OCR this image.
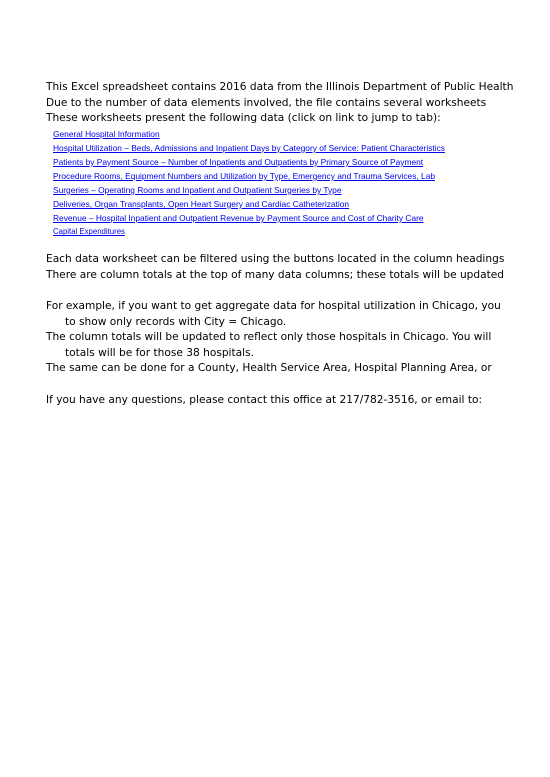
This Excel spreadsheet contains 2016 data from the Illinois Department of Public Health
Due to the number of data elements involved, the file contains several worksheets
These worksheets present the following data (click on link to jump to tab):
General Hospital Information
Hospital Utilization – Beds, Admissions and Inpatient Days by Category of Service: Patient Characteristics
Patients by Payment Source – Number of Inpatients and Outpatients by Primary Source of Payment
Procedure Rooms, Equipment Numbers and Utilization by Type, Emergency and Trauma Services, Lab
Surgeries – Operating Rooms and Inpatient and Outpatient Surgeries by Type
Deliveries, Organ Transplants, Open Heart Surgery and Cardiac Catheterization
Revenue – Hospital Inpatient and Outpatient Revenue by Payment Source and Cost of Charity Care
Capital Expenditures
Each data worksheet can be filtered using the buttons located in the column headings
There are column totals at the top of many data columns; these totals will be updated
For example, if you want to get aggregate data for hospital utilization in Chicago, you
to show only records with City = Chicago.
The column totals will be updated to reflect only those hospitals in Chicago. You will
totals will be for those 38 hospitals.
The same can be done for a County, Health Service Area, Hospital Planning Area, or
If you have any questions, please contact this office at 217/782-3516, or email to:
